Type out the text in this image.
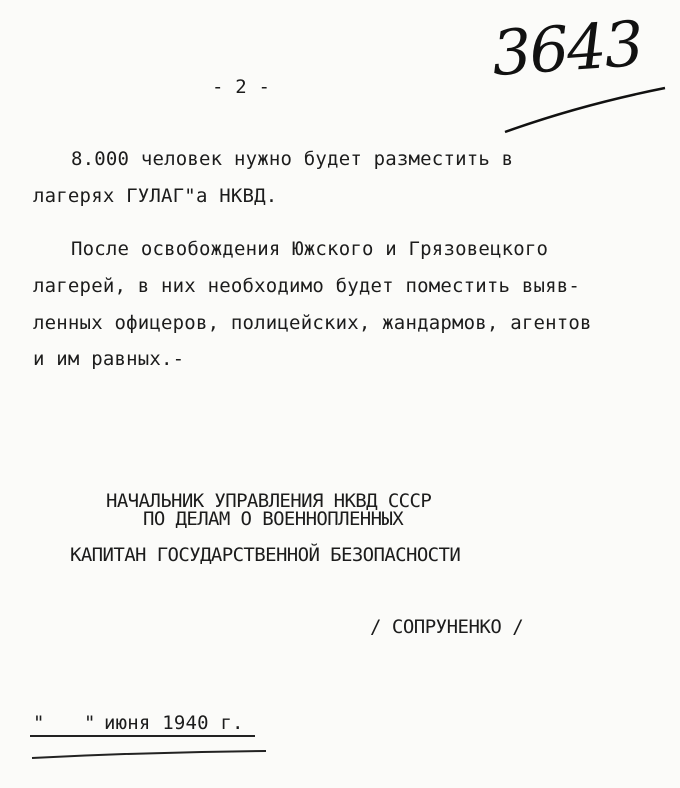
3643
- 2 -
8.000 человек нужно будет разместить в
лагерях ГУЛАГ"а НКВД.
После освобождения Южского и Грязовецкого
лагерей, в них необходимо будет поместить выяв-
ленных офицеров, полицейских, жандармов, агентов
и им равных.-
НАЧАЛЬНИК УПРАВЛЕНИЯ НКВД СССР
ПО ДЕЛАМ О ВОЕННОПЛЕННЫХ
КАПИТАН ГОСУДАРСТВЕННОЙ БЕЗОПАСНОСТИ
/ СОПРУНЕНКО /
" " июня 1940 г.
